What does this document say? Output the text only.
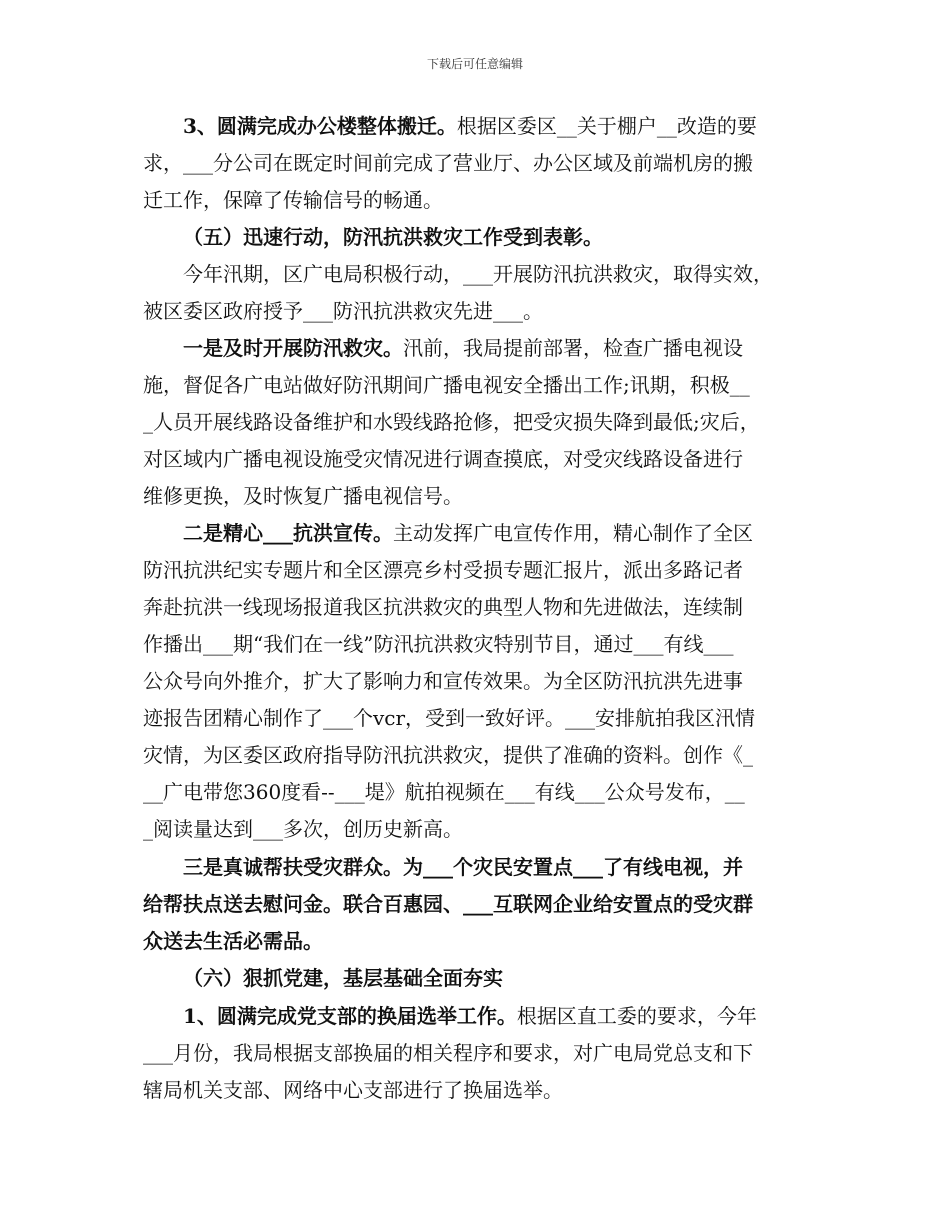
下载后可任意编辑
3、圆满完成办公楼整体搬迁。根据区委区__关于棚户__改造的要
求，___分公司在既定时间前完成了营业厅、办公区域及前端机房的搬
迁工作，保障了传输信号的畅通。
（五）迅速行动，防汛抗洪救灾工作受到表彰。
今年汛期，区广电局积极行动，___开展防汛抗洪救灾，取得实效，
被区委区政府授予___防汛抗洪救灾先进___。
一是及时开展防汛救灾。汛前，我局提前部署，检查广播电视设
施，督促各广电站做好防汛期间广播电视安全播出工作;讯期，积极__
_人员开展线路设备维护和水毁线路抢修，把受灾损失降到最低;灾后，
对区域内广播电视设施受灾情况进行调查摸底，对受灾线路设备进行
维修更换，及时恢复广播电视信号。
二是精心___抗洪宣传。主动发挥广电宣传作用，精心制作了全区
防汛抗洪纪实专题片和全区漂亮乡村受损专题汇报片，派出多路记者
奔赴抗洪一线现场报道我区抗洪救灾的典型人物和先进做法，连续制
作播出___期“我们在一线”防汛抗洪救灾特别节目，通过___有线___
公众号向外推介，扩大了影响力和宣传效果。为全区防汛抗洪先进事
迹报告团精心制作了___个vcr，受到一致好评。___安排航拍我区汛情
灾情，为区委区政府指导防汛抗洪救灾，提供了准确的资料。创作《_
__广电带您360度看--___堤》航拍视频在___有线___公众号发布，__
_阅读量达到___多次，创历史新高。
三是真诚帮扶受灾群众。为___个灾民安置点___了有线电视，并
给帮扶点送去慰问金。联合百惠园、___互联网企业给安置点的受灾群
众送去生活必需品。
（六）狠抓党建，基层基础全面夯实
1、圆满完成党支部的换届选举工作。根据区直工委的要求，今年
___月份，我局根据支部换届的相关程序和要求，对广电局党总支和下
辖局机关支部、网络中心支部进行了换届选举。
